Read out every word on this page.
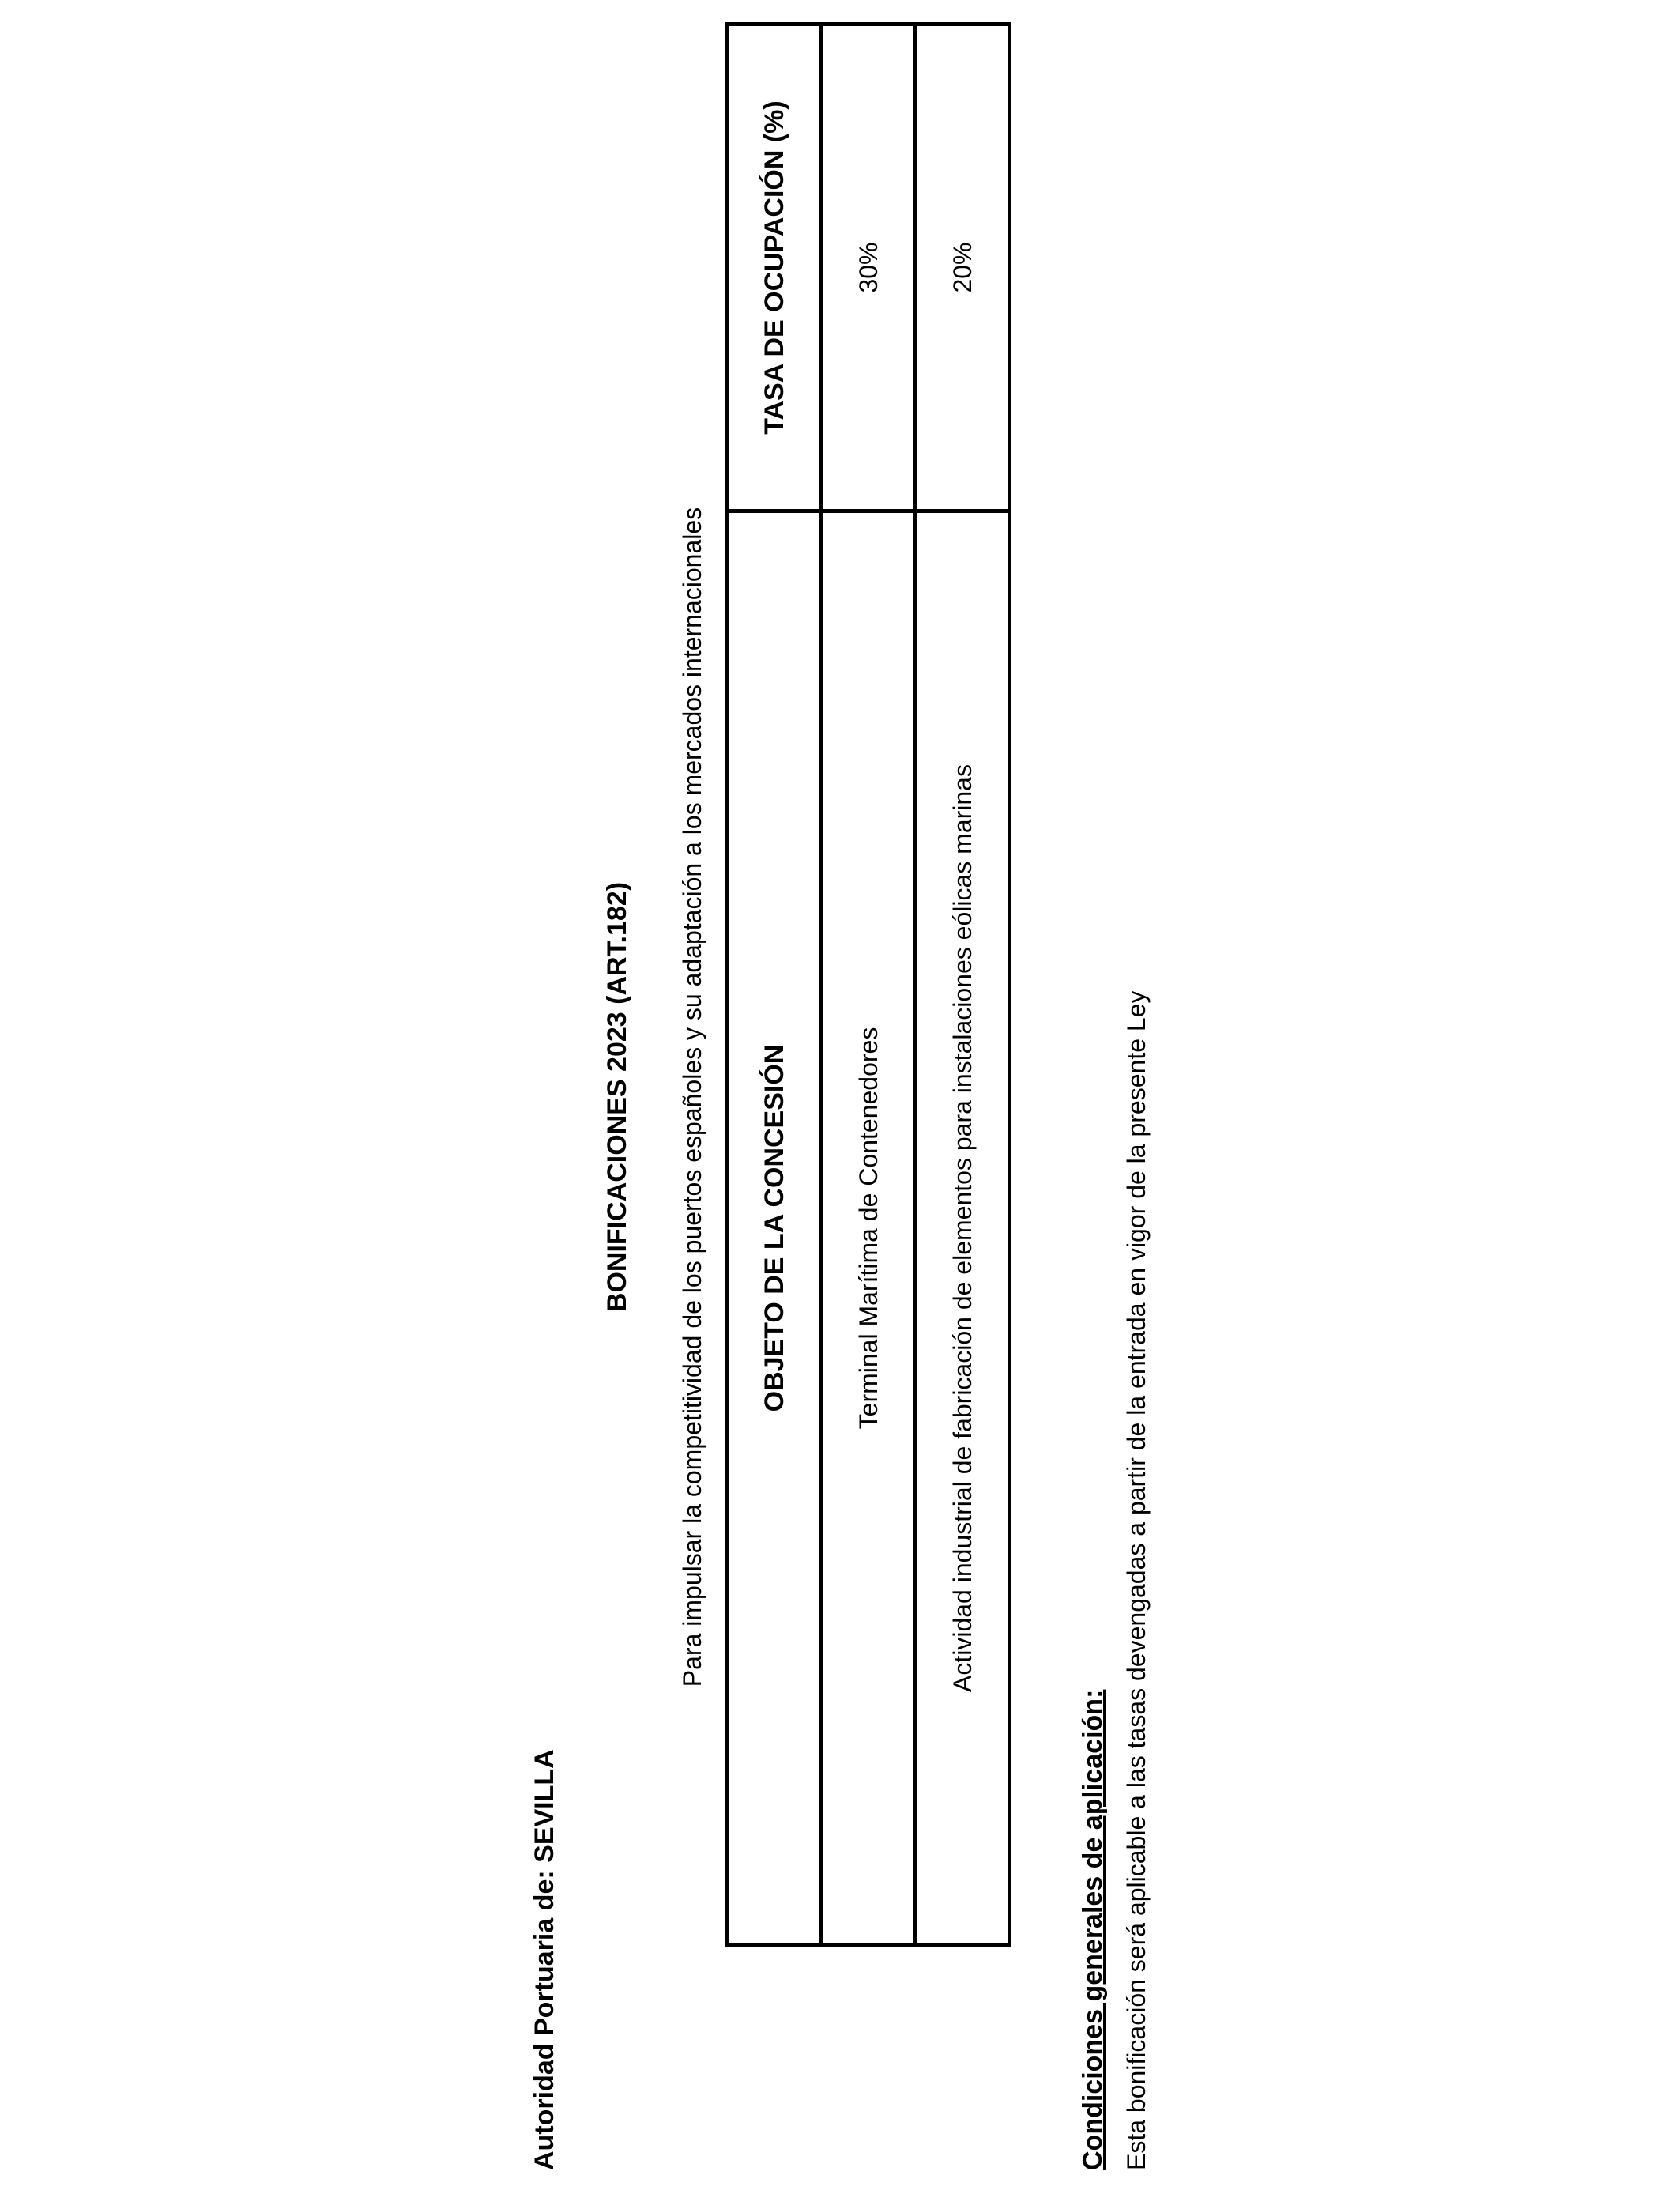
Autoridad Portuaria de: SEVILLA
BONIFICACIONES 2023 (ART.182) Para impulsar la competitividad de los puertos españoles y su adaptación a los mercados internacionales OBJETO DE LA CONCESIÓN	TASA DE OCUPACIÓN (%)
Terminal Marítima de Contenedores	30%
Actividad industrial de fabricación de elementos para instalaciones eólicas marinas	20%
Condiciones generales de aplicación: Esta bonificación será aplicable a las tasas devengadas a partir de la entrada en vigor de la presente Ley
